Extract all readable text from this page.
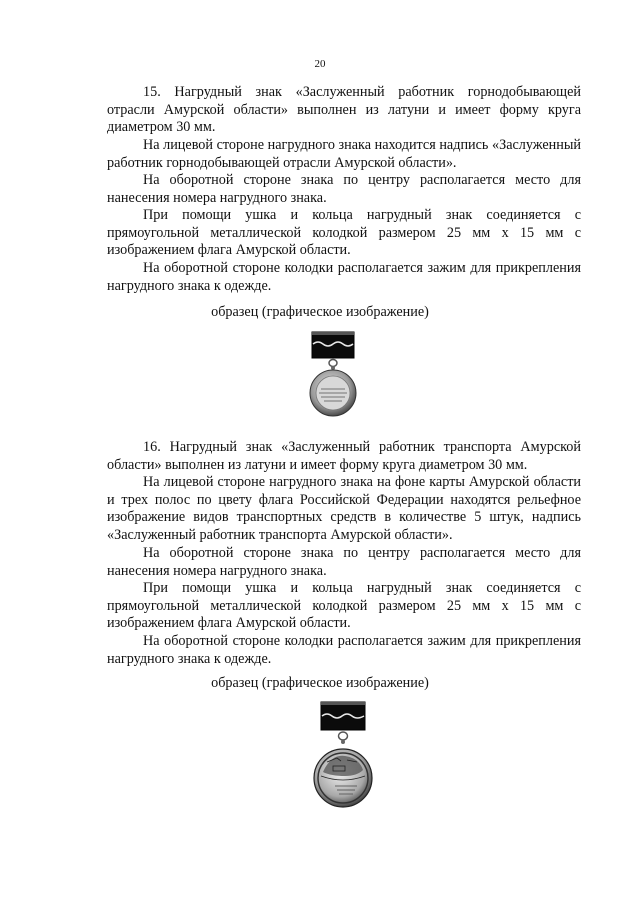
20

15. Нагрудный знак «Заслуженный работник горнодобывающей отрасли Амурской области» выполнен из латуни и имеет форму круга диаметром 30 мм.

На лицевой стороне нагрудного знака находится надпись «Заслуженный работник горнодобывающей отрасли Амурской области».

На оборотной стороне знака по центру располагается место для нанесения номера нагрудного знака.

При помощи ушка и кольца нагрудный знак соединяется с прямоугольной металлической колодкой размером 25 мм х 15 мм с изображением флага Амурской области.

На оборотной стороне колодки располагается зажим для прикрепления нагрудного знака к одежде.

образец (графическое изображение)

16. Нагрудный знак «Заслуженный работник транспорта Амурской области» выполнен из латуни и имеет форму круга диаметром 30 мм.

На лицевой стороне нагрудного знака на фоне карты Амурской области и трех полос по цвету флага Российской Федерации находятся рельефное изображение видов транспортных средств в количестве 5 штук, надпись «Заслуженный работник транспорта Амурской области».

На оборотной стороне знака по центру располагается место для нанесения номера нагрудного знака.

При помощи ушка и кольца нагрудный знак соединяется с прямоугольной металлической колодкой размером 25 мм х 15 мм с изображением флага Амурской области.

На оборотной стороне колодки располагается зажим для прикрепления нагрудного знака к одежде.

образец (графическое изображение)
